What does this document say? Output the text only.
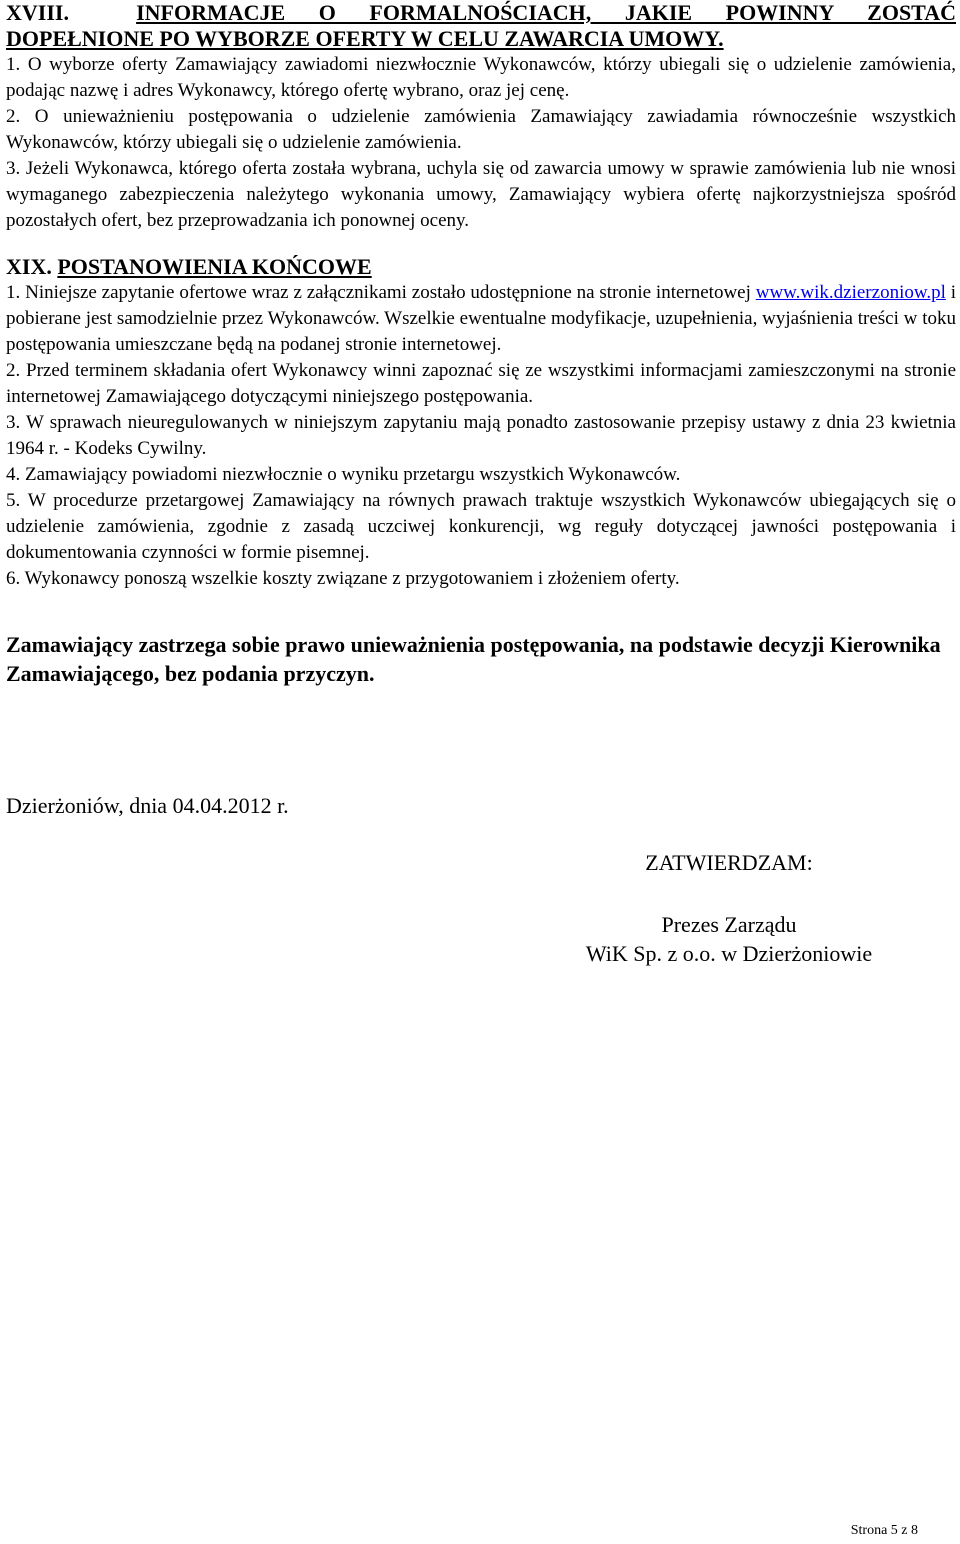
XVIII.	INFORMACJE O FORMALNOŚCIACH, JAKIE POWINNY ZOSTAĆ
DOPEŁNIONE PO WYBORZE OFERTY W CELU ZAWARCIA UMOWY.

1. O wyborze oferty Zamawiający zawiadomi niezwłocznie Wykonawców, którzy ubiegali się o udzielenie zamówienia, podając nazwę i adres Wykonawcy, którego ofertę wybrano, oraz jej cenę.

2. O unieważnieniu postępowania o udzielenie zamówienia Zamawiający zawiadamia równocześnie wszystkich Wykonawców, którzy ubiegali się o udzielenie zamówienia.

3. Jeżeli Wykonawca, którego oferta została wybrana, uchyla się od zawarcia umowy w sprawie zamówienia lub nie wnosi wymaganego zabezpieczenia należytego wykonania umowy, Zamawiający wybiera ofertę najkorzystniejsza spośród pozostałych ofert, bez przeprowadzania ich ponownej oceny.

XIX. POSTANOWIENIA KOŃCOWE

1. Niniejsze zapytanie ofertowe wraz z załącznikami zostało udostępnione na stronie internetowej www.wik.dzierzoniow.pl i pobierane jest samodzielnie przez Wykonawców. Wszelkie ewentualne modyfikacje, uzupełnienia, wyjaśnienia treści w toku postępowania umieszczane będą na podanej stronie internetowej.

2. Przed terminem składania ofert Wykonawcy winni zapoznać się ze wszystkimi informacjami zamieszczonymi na stronie internetowej Zamawiającego dotyczącymi niniejszego postępowania.

3. W sprawach nieuregulowanych w niniejszym zapytaniu mają ponadto zastosowanie przepisy ustawy z dnia 23 kwietnia 1964 r. - Kodeks Cywilny.

4. Zamawiający powiadomi niezwłocznie o wyniku przetargu wszystkich Wykonawców.

5. W procedurze przetargowej Zamawiający na równych prawach traktuje wszystkich Wykonawców ubiegających się o udzielenie zamówienia, zgodnie z zasadą uczciwej konkurencji, wg reguły dotyczącej jawności postępowania i dokumentowania czynności w formie pisemnej.

6. Wykonawcy ponoszą wszelkie koszty związane z przygotowaniem i złożeniem oferty.

Zamawiający zastrzega sobie prawo unieważnienia postępowania, na podstawie decyzji Kierownika Zamawiającego, bez podania przyczyn.
Dzierżoniów, dnia 04.04.2012 r.
ZATWIERDZAM:
Prezes Zarządu
WiK Sp. z o.o. w Dzierżoniowie
Strona 5 z 8
